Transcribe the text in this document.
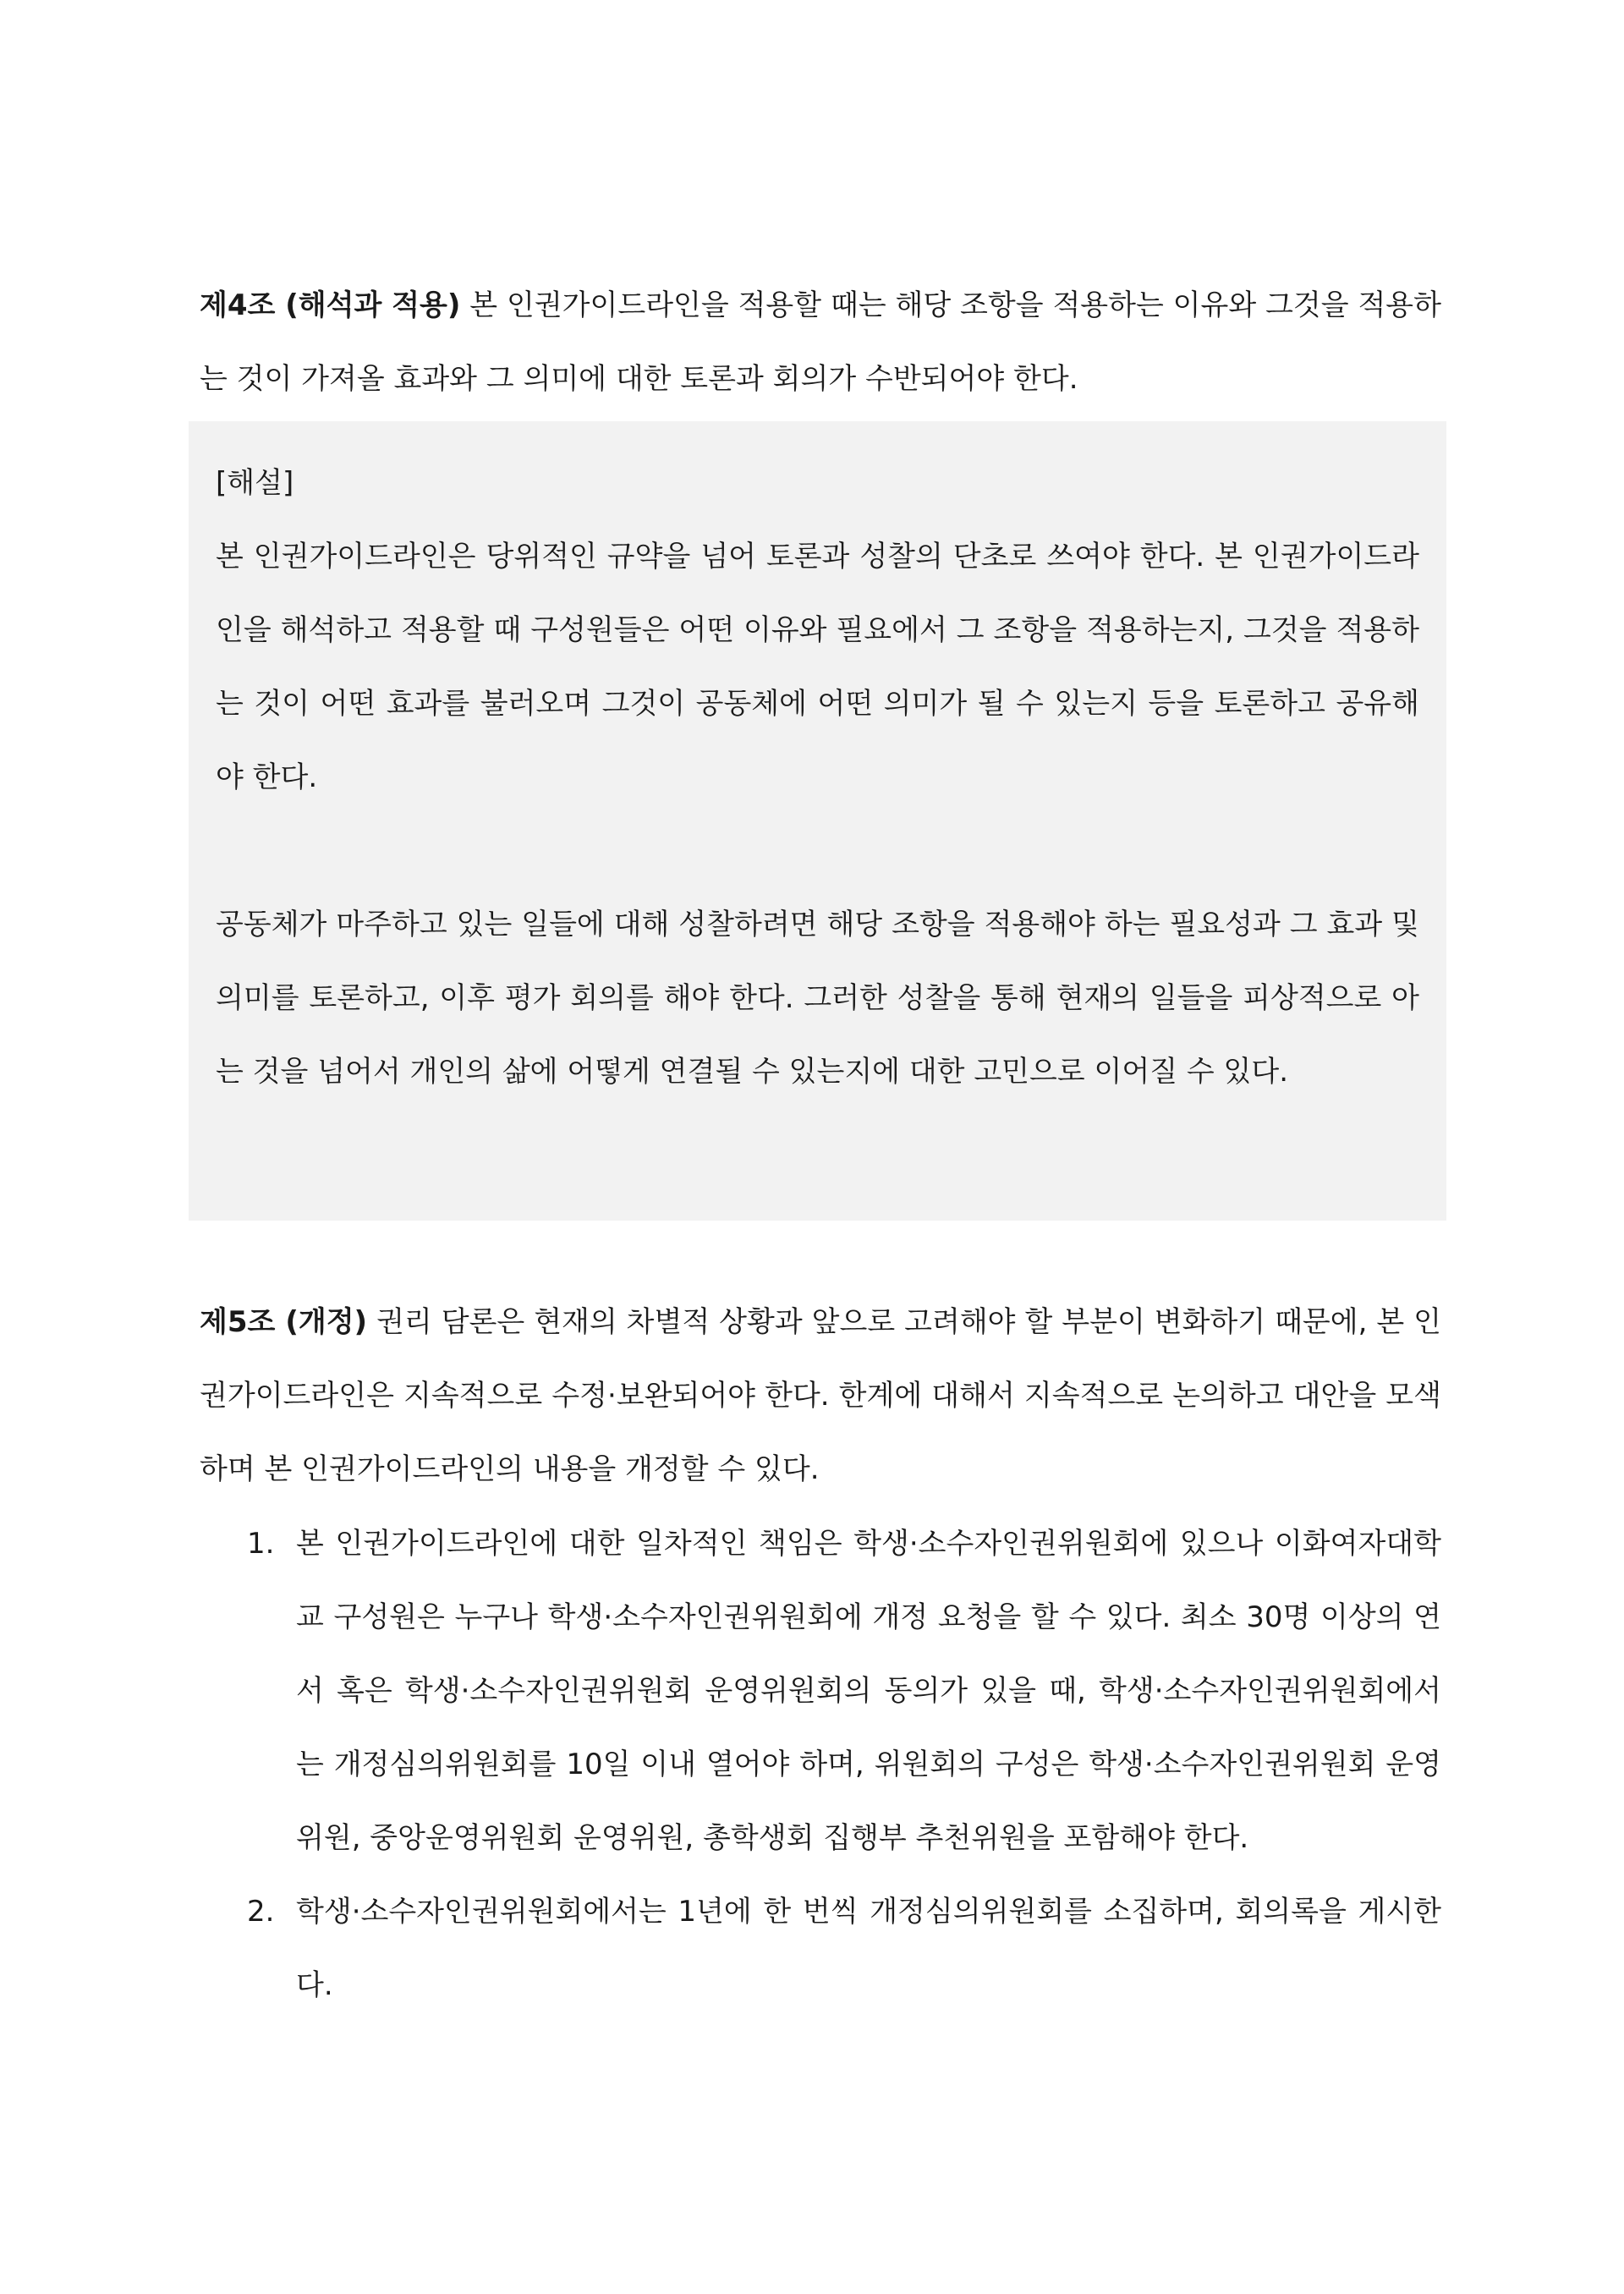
제4조 (해석과 적용) 본 인권가이드라인을 적용할 때는 해당 조항을 적용하는 이유와 그것을 적용하는 것이 가져올 효과와 그 의미에 대한 토론과 회의가 수반되어야 한다.

[해설]

본 인권가이드라인은 당위적인 규약을 넘어 토론과 성찰의 단초로 쓰여야 한다. 본 인권가이드라인을 해석하고 적용할 때 구성원들은 어떤 이유와 필요에서 그 조항을 적용하는지, 그것을 적용하는 것이 어떤 효과를 불러오며 그것이 공동체에 어떤 의미가 될 수 있는지 등을 토론하고 공유해야 한다.

공동체가 마주하고 있는 일들에 대해 성찰하려면 해당 조항을 적용해야 하는 필요성과 그 효과 및 의미를 토론하고, 이후 평가 회의를 해야 한다. 그러한 성찰을 통해 현재의 일들을 피상적으로 아는 것을 넘어서 개인의 삶에 어떻게 연결될 수 있는지에 대한 고민으로 이어질 수 있다.

제5조 (개정) 권리 담론은 현재의 차별적 상황과 앞으로 고려해야 할 부분이 변화하기 때문에, 본 인권가이드라인은 지속적으로 수정·보완되어야 한다. 한계에 대해서 지속적으로 논의하고 대안을 모색하며 본 인권가이드라인의 내용을 개정할 수 있다.

1. 본 인권가이드라인에 대한 일차적인 책임은 학생·소수자인권위원회에 있으나 이화여자대학교 구성원은 누구나 학생·소수자인권위원회에 개정 요청을 할 수 있다. 최소 30명 이상의 연서 혹은 학생·소수자인권위원회 운영위원회의 동의가 있을 때, 학생·소수자인권위원회에서는 개정심의위원회를 10일 이내 열어야 하며, 위원회의 구성은 학생·소수자인권위원회 운영위원, 중앙운영위원회 운영위원, 총학생회 집행부 추천위원을 포함해야 한다.
2. 학생·소수자인권위원회에서는 1년에 한 번씩 개정심의위원회를 소집하며, 회의록을 게시한다.
